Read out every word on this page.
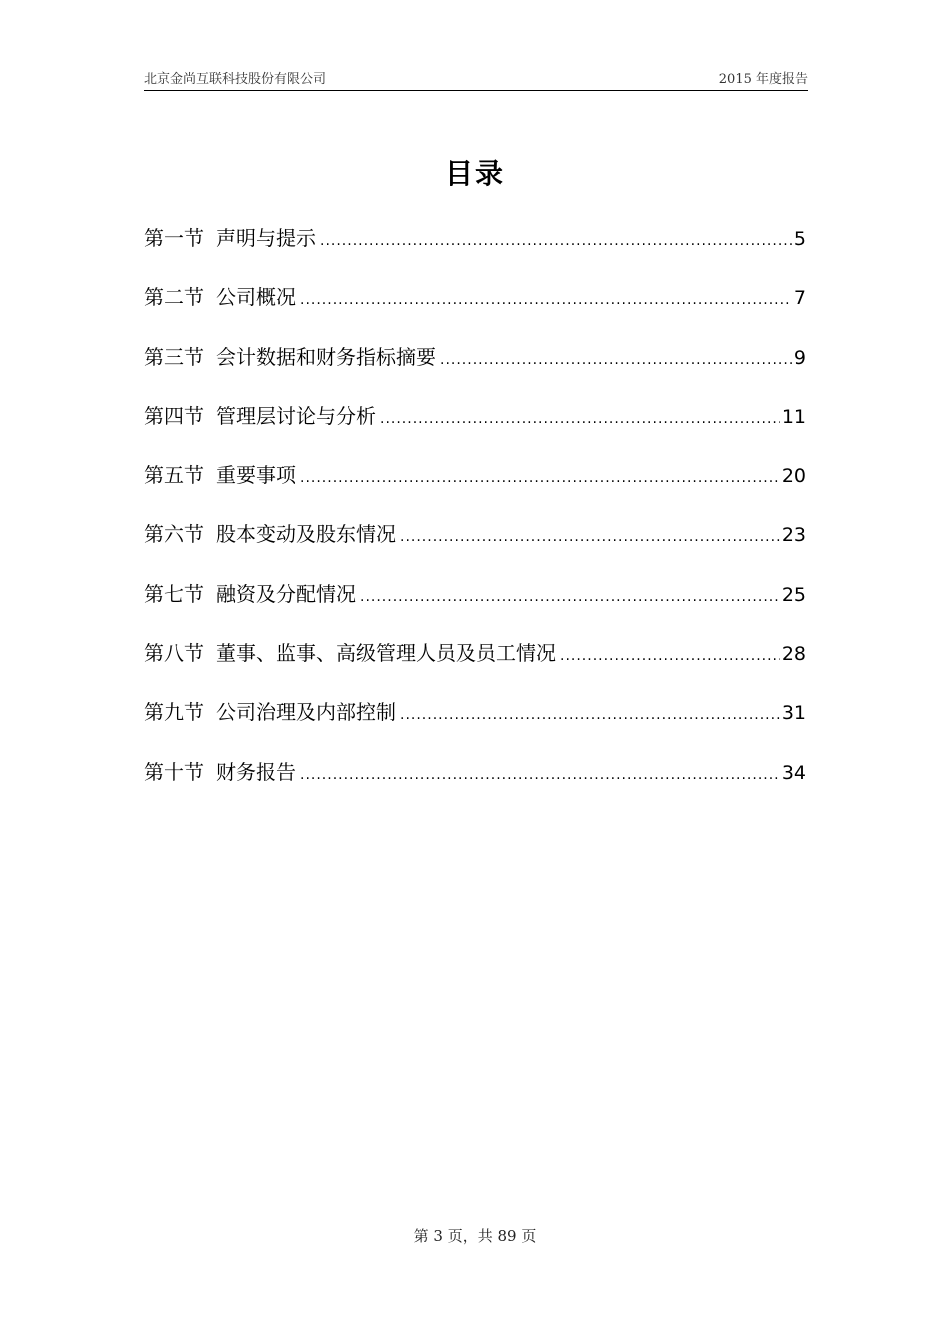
北京金尚互联科技股份有限公司	2015 年度报告
目录
第一节 声明与提示 .....	5
第二节 公司概况 .....	7
第三节 会计数据和财务指标摘要 .....	9
第四节 管理层讨论与分析 .....	11
第五节 重要事项 .....	20
第六节 股本变动及股东情况 .....	23
第七节 融资及分配情况 .....	25
第八节 董事、监事、高级管理人员及员工情况 .....	28
第九节 公司治理及内部控制 .....	31
第十节 财务报告 .....	34
第 3 页，共 89 页
